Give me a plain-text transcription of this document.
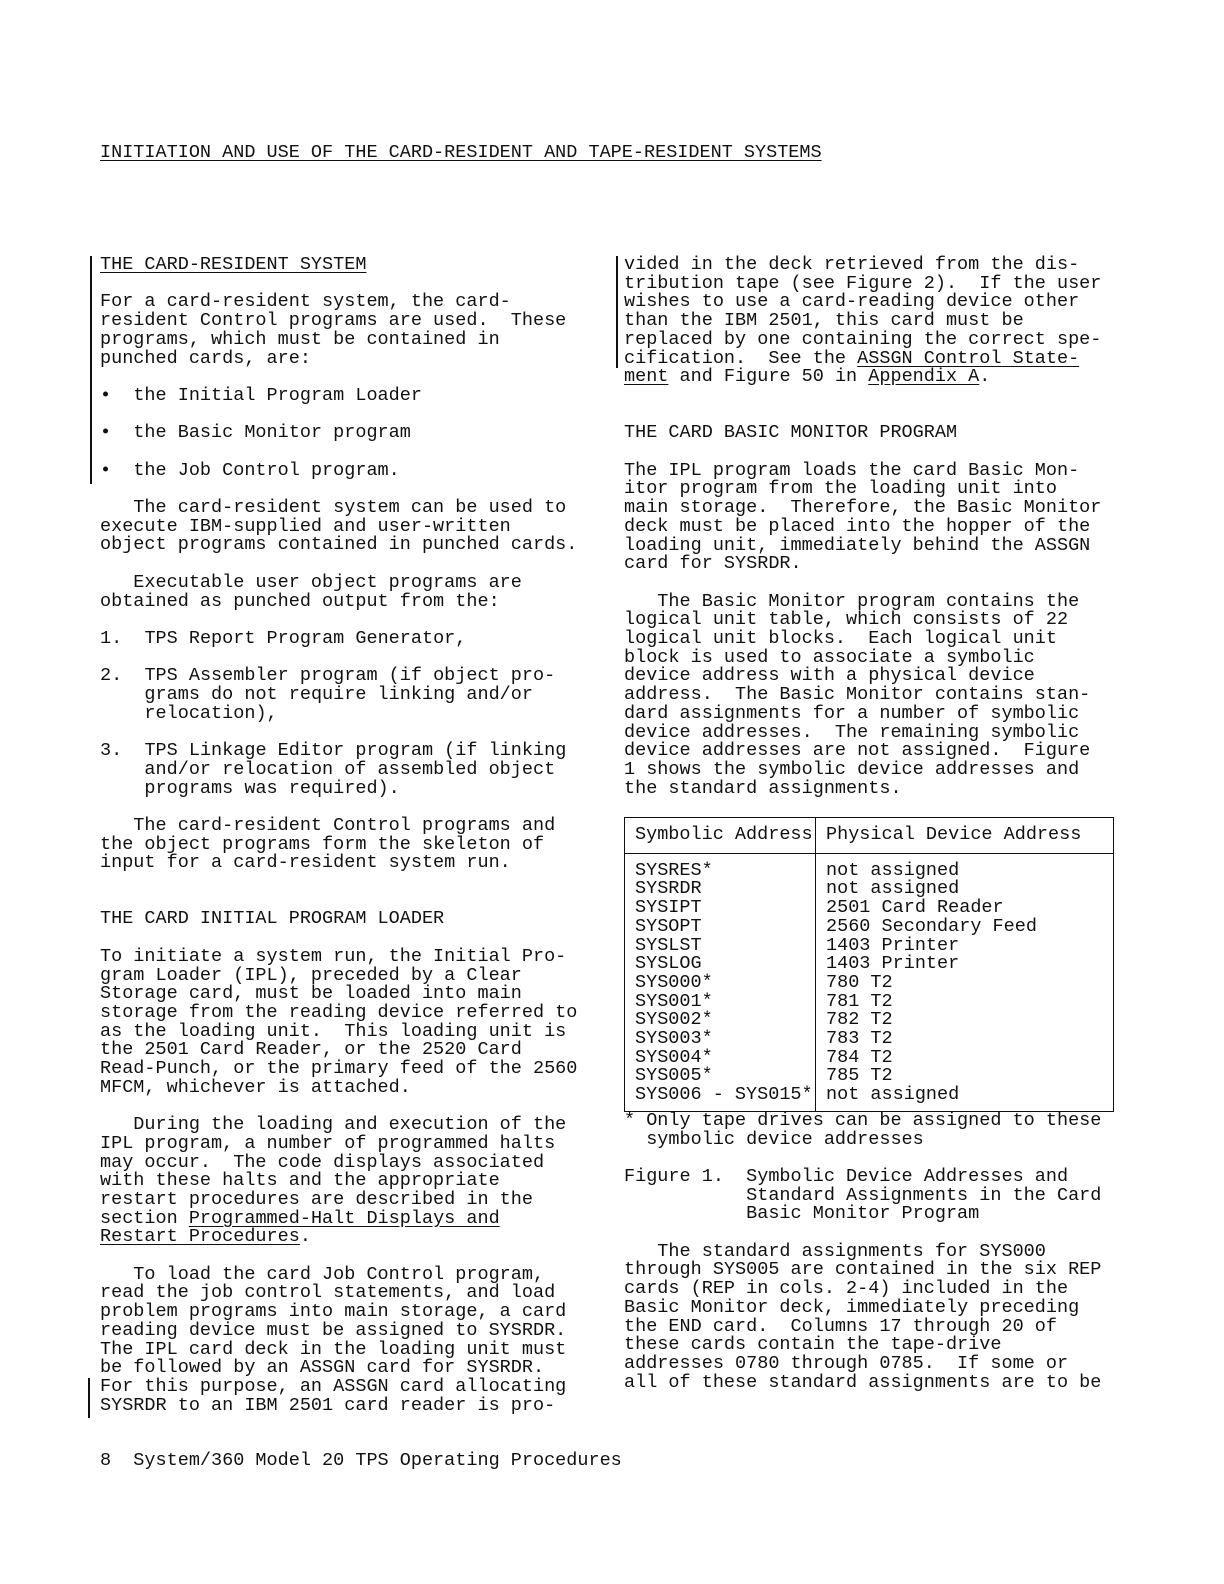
INITIATION AND USE OF THE CARD-RESIDENT AND TAPE-RESIDENT SYSTEMS
THE CARD-RESIDENT SYSTEM
For a card-resident system, the card-
resident Control programs are used.  These
programs, which must be contained in
punched cards, are:
•  the Initial Program Loader
•  the Basic Monitor program
•  the Job Control program.
The card-resident system can be used to
execute IBM-supplied and user-written
object programs contained in punched cards.
Executable user object programs are
obtained as punched output from the:
1. TPS Report Program Generator,
2. TPS Assembler program (if object pro-
grams do not require linking and/or
relocation),
3. TPS Linkage Editor program (if linking
and/or relocation of assembled object
programs was required).
The card-resident Control programs and
the object programs form the skeleton of
input for a card-resident system run.
THE CARD INITIAL PROGRAM LOADER
To initiate a system run, the Initial Pro-
gram Loader (IPL), preceded by a Clear
Storage card, must be loaded into main
storage from the reading device referred to
as the loading unit.  This loading unit is
the 2501 Card Reader, or the 2520 Card
Read-Punch, or the primary feed of the 2560
MFCM, whichever is attached.
During the loading and execution of the
IPL program, a number of programmed halts
may occur.  The code displays associated
with these halts and the appropriate
restart procedures are described in the
section Programmed-Halt Displays and
Restart Procedures.
To load the card Job Control program,
read the job control statements, and load
problem programs into main storage, a card
reading device must be assigned to SYSRDR.
The IPL card deck in the loading unit must
be followed by an ASSGN card for SYSRDR.
For this purpose, an ASSGN card allocating
SYSRDR to an IBM 2501 card reader is pro-
vided in the deck retrieved from the dis-
tribution tape (see Figure 2).  If the user
wishes to use a card-reading device other
than the IBM 2501, this card must be
replaced by one containing the correct spe-
cification.  See the ASSGN Control State-
ment and Figure 50 in Appendix A.
THE CARD BASIC MONITOR PROGRAM
The IPL program loads the card Basic Mon-
itor program from the loading unit into
main storage.  Therefore, the Basic Monitor
deck must be placed into the hopper of the
loading unit, immediately behind the ASSGN
card for SYSRDR.
The Basic Monitor program contains the
logical unit table, which consists of 22
logical unit blocks.  Each logical unit
block is used to associate a symbolic
device address with a physical device
address.  The Basic Monitor contains stan-
dard assignments for a number of symbolic
device addresses.  The remaining symbolic
device addresses are not assigned.  Figure
1 shows the symbolic device addresses and
the standard assignments.
Symbolic Address	Physical Device Address
SYSRES*	not assigned
SYSRDR	not assigned
SYSIPT	2501 Card Reader
SYSOPT	2560 Secondary Feed
SYSLST	1403 Printer
SYSLOG	1403 Printer
SYS000*	780 T2
SYS001*	781 T2
SYS002*	782 T2
SYS003*	783 T2
SYS004*	784 T2
SYS005*	785 T2
SYS006 - SYS015*	not assigned
* Only tape drives can be assigned to these
symbolic device addresses
Figure 1.  Symbolic Device Addresses and
Standard Assignments in the Card
Basic Monitor Program
The standard assignments for SYS000
through SYS005 are contained in the six REP
cards (REP in cols. 2-4) included in the
Basic Monitor deck, immediately preceding
the END card.  Columns 17 through 20 of
these cards contain the tape-drive
addresses 0780 through 0785.  If some or
all of these standard assignments are to be
8  System/360 Model 20 TPS Operating Procedures
